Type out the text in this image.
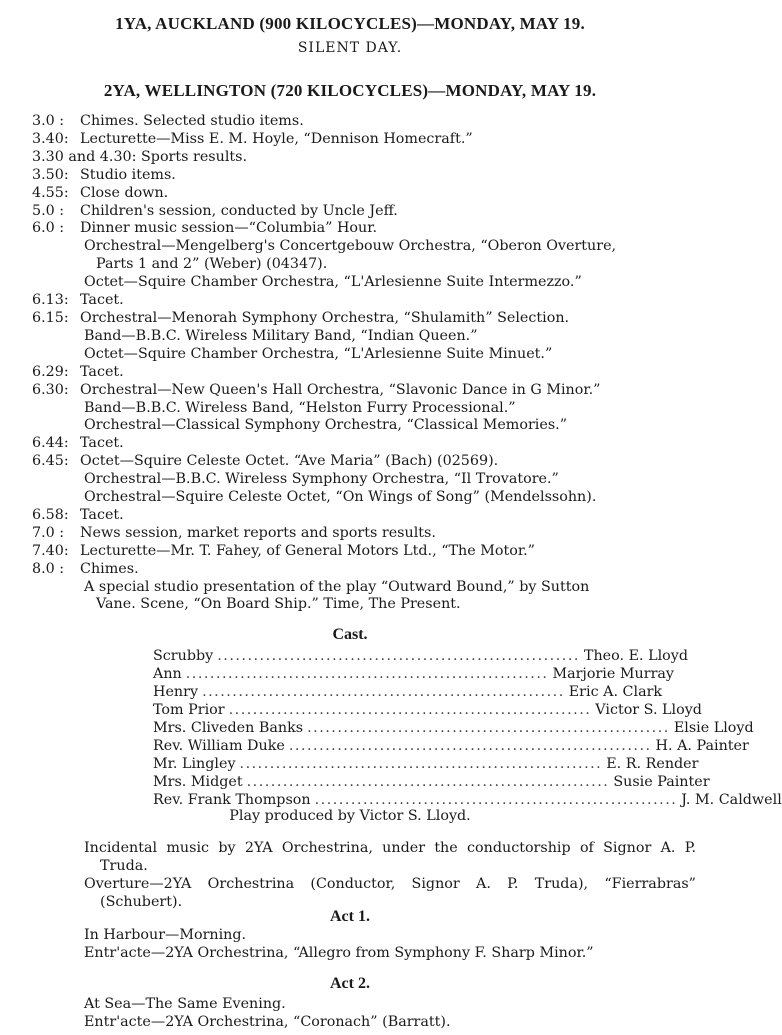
1YA, AUCKLAND (900 KILOCYCLES)—MONDAY, MAY 19.
SILENT DAY.
2YA, WELLINGTON (720 KILOCYCLES)—MONDAY, MAY 19.
3.0 :	Chimes. Selected studio items.
3.40: Lecturette—Miss E. M. Hoyle, “Dennison Homecraft.”
3.30 and 4.30: Sports results.
3.50: Studio items.
4.55: Close down.
5.0 :	Children's session, conducted by Uncle Jeff.
6.0 :	Dinner music session—“Columbia” Hour.
Orchestral—Mengelberg's Concertgebouw Orchestra, “Oberon Overture,
Parts 1 and 2” (Weber) (04347).
Octet—Squire Chamber Orchestra, “L'Arlesienne Suite Intermezzo.”
6.13: Tacet.
6.15: Orchestral—Menorah Symphony Orchestra, “Shulamith” Selection.
Band—B.B.C. Wireless Military Band, “Indian Queen.”
Octet—Squire Chamber Orchestra, “L'Arlesienne Suite Minuet.”
6.29: Tacet.
6.30: Orchestral—New Queen's Hall Orchestra, “Slavonic Dance in G Minor.”
Band—B.B.C. Wireless Band, “Helston Furry Processional.”
Orchestral—Classical Symphony Orchestra, “Classical Memories.”
6.44: Tacet.
6.45: Octet—Squire Celeste Octet. “Ave Maria” (Bach) (02569).
Orchestral—B.B.C. Wireless Symphony Orchestra, “Il Trovatore.”
Orchestral—Squire Celeste Octet, “On Wings of Song” (Mendelssohn).
6.58: Tacet.
7.0 :	News session, market reports and sports results.
7.40: Lecturette—Mr. T. Fahey, of General Motors Ltd., “The Motor.”
8.0 :	Chimes.
A special studio presentation of the play “Outward Bound,” by Sutton
Vane. Scene, “On Board Ship.” Time, The Present.
Cast.
Scrubby ............................................................ Theo. E. Lloyd
Ann ............................................................ Marjorie Murray
Henry ............................................................ Eric A. Clark
Tom Prior ............................................................ Victor S. Lloyd
Mrs. Cliveden Banks ............................................................ Elsie Lloyd
Rev. William Duke ............................................................ H. A. Painter
Mr. Lingley ............................................................ E. R. Render
Mrs. Midget ............................................................ Susie Painter
Rev. Frank Thompson ............................................................ J. M. Caldwell
Play produced by Victor S. Lloyd.
Incidental music by 2YA Orchestrina, under the conductorship of Signor A. P. Truda.
Overture—2YA Orchestrina (Conductor, Signor A. P. Truda), “Fierrabras” (Schubert).
Act 1.
In Harbour—Morning.
Entr'acte—2YA Orchestrina, “Allegro from Symphony F. Sharp Minor.”
Act 2.
At Sea—The Same Evening.
Entr'acte—2YA Orchestrina, “Coronach” (Barratt).
